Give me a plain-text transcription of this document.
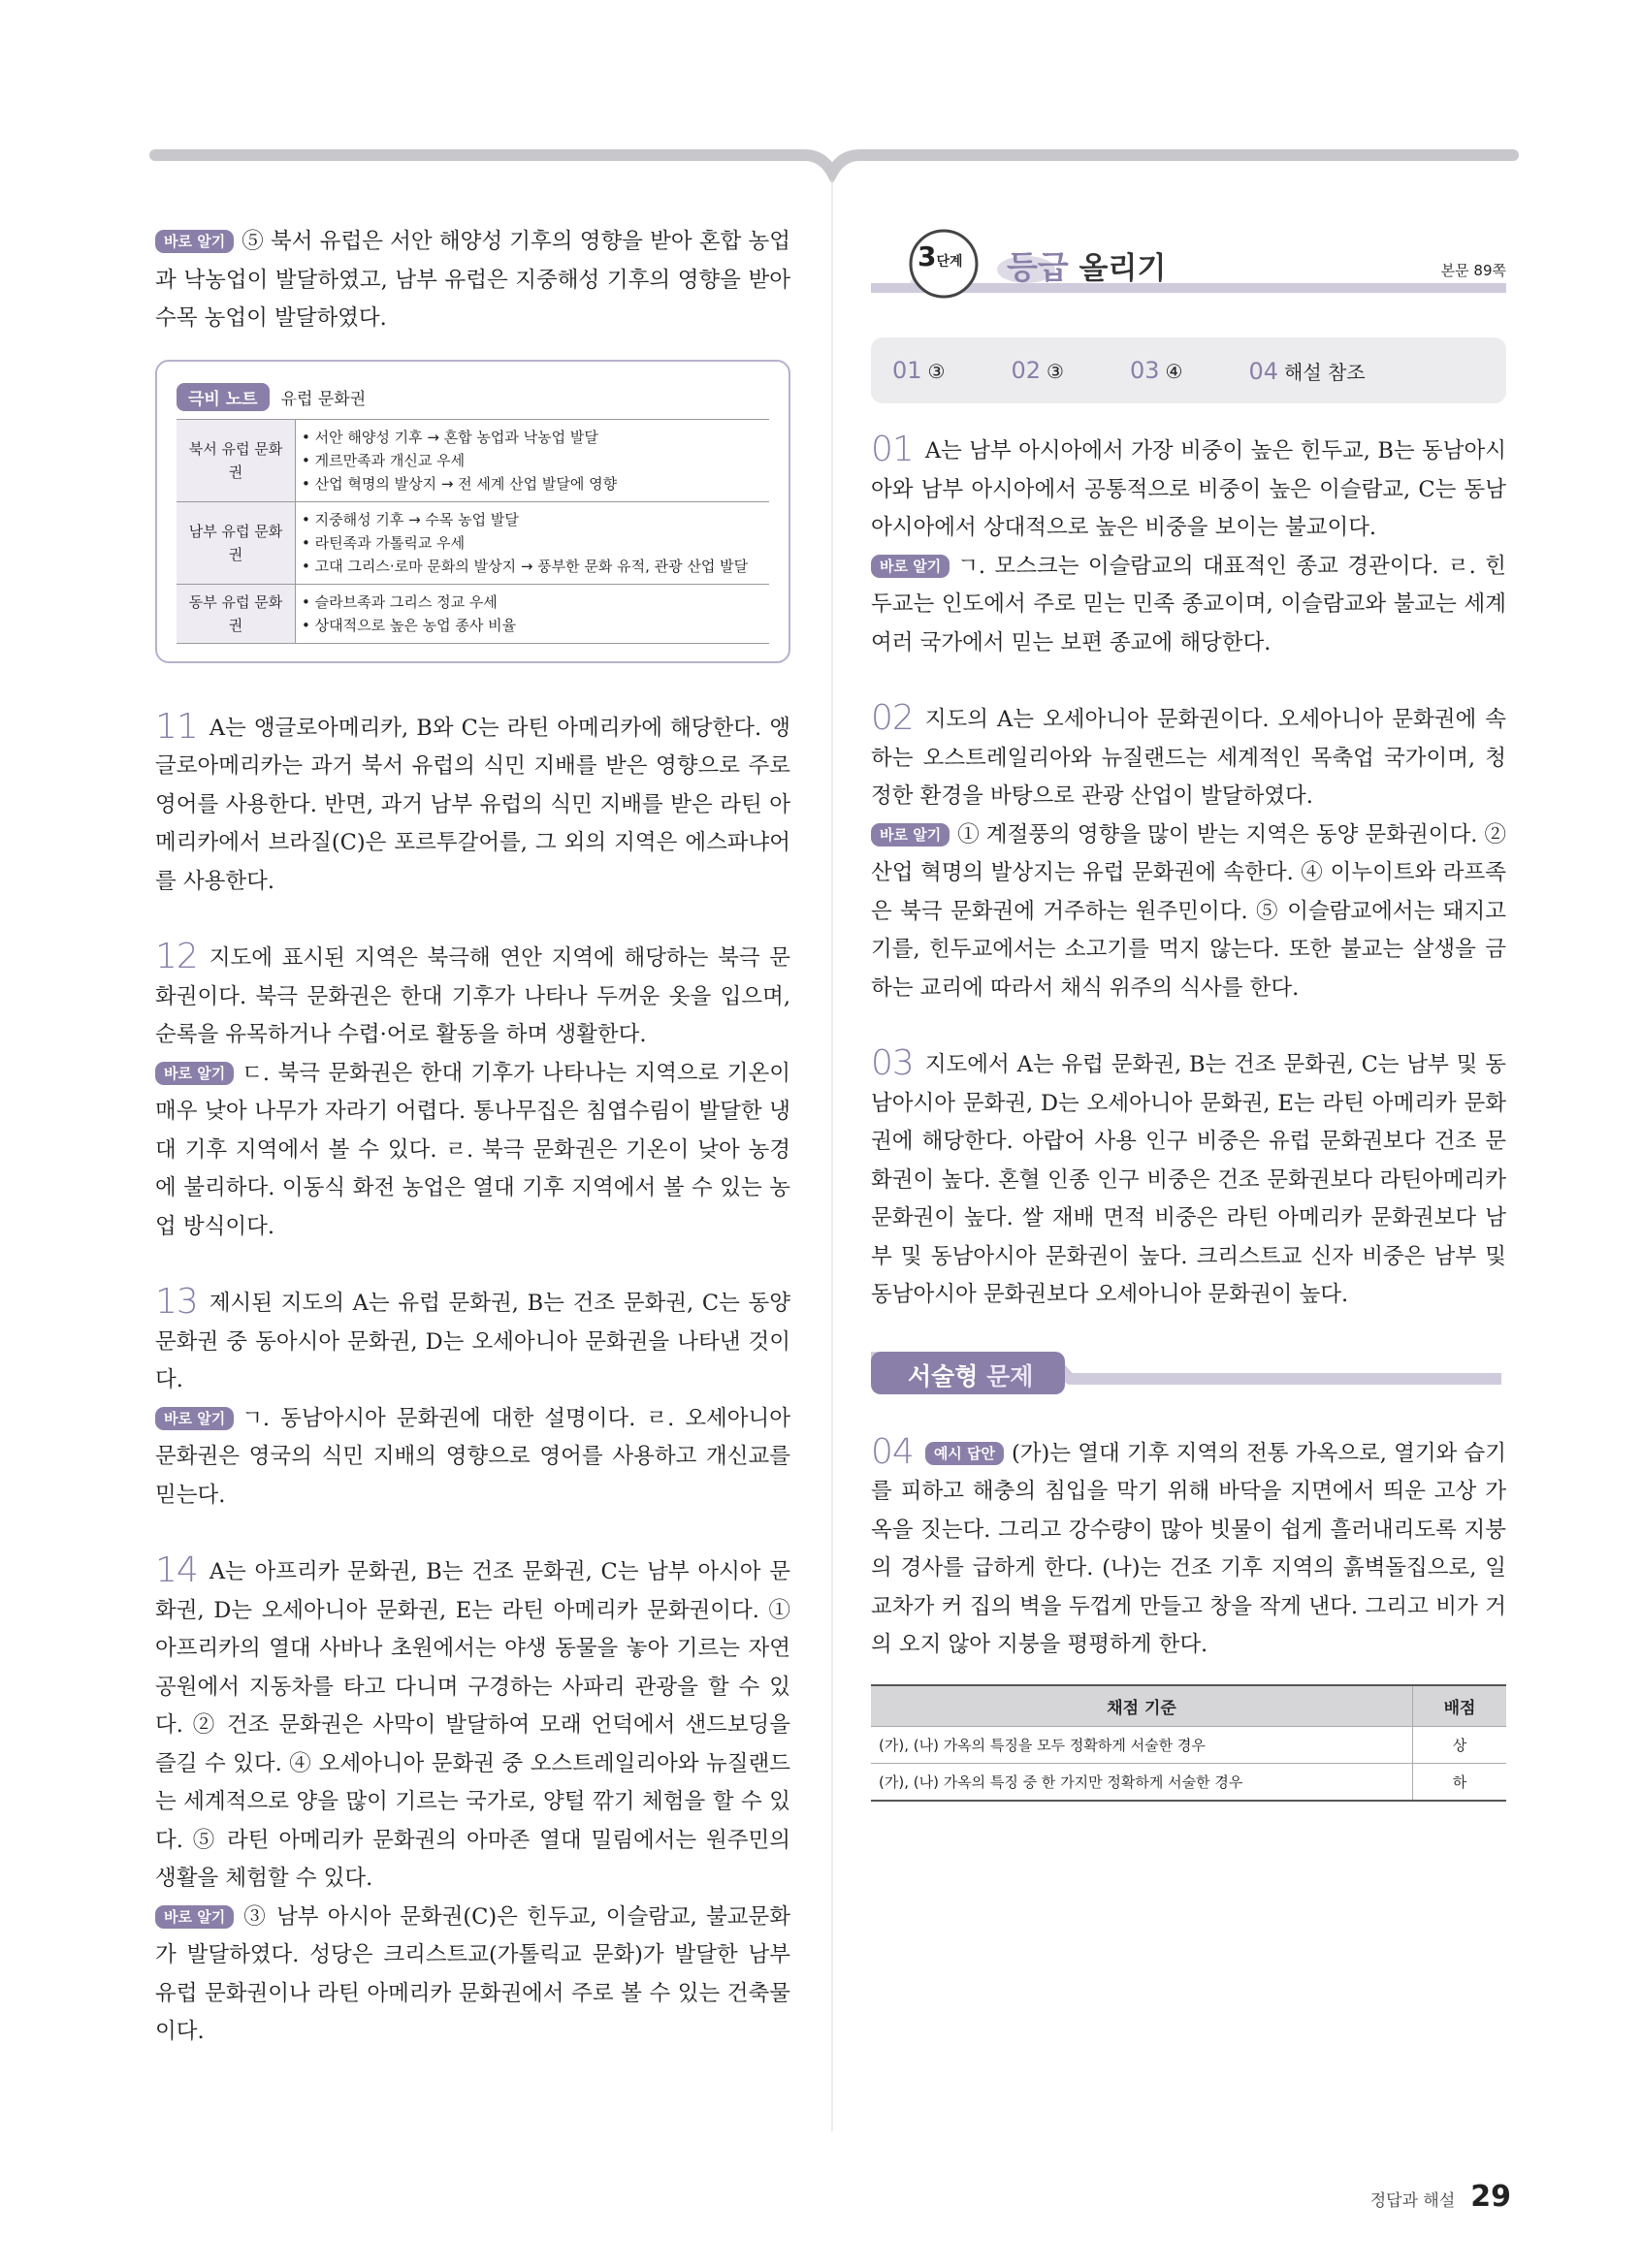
바로 알기 ⑤ 북서 유럽은 서안 해양성 기후의 영향을 받아 혼합 농업과 낙농업이 발달하였고, 남부 유럽은 지중해성 기후의 영향을 받아 수목 농업이 발달하였다.

극비 노트	유럽 문화권
북서 유럽 문화권	• 서안 해양성 기후 → 혼합 농업과 낙농업 발달
• 게르만족과 개신교 우세
• 산업 혁명의 발상지 → 전 세계 산업 발달에 영향

남부 유럽 문화권	• 지중해성 기후 → 수목 농업 발달
• 라틴족과 가톨릭교 우세
• 고대 그리스·로마 문화의 발상지 → 풍부한 문화 유적, 관광 산업 발달

동부 유럽 문화권	• 슬라브족과 그리스 정교 우세
• 상대적으로 높은 농업 종사 비율

11 A는 앵글로아메리카, B와 C는 라틴 아메리카에 해당한다. 앵글로아메리카는 과거 북서 유럽의 식민 지배를 받은 영향으로 주로 영어를 사용한다. 반면, 과거 남부 유럽의 식민 지배를 받은 라틴 아메리카에서 브라질(C)은 포르투갈어를, 그 외의 지역은 에스파냐어를 사용한다.

12 지도에 표시된 지역은 북극해 연안 지역에 해당하는 북극 문화권이다. 북극 문화권은 한대 기후가 나타나 두꺼운 옷을 입으며, 순록을 유목하거나 수렵·어로 활동을 하며 생활한다.

바로 알기 ㄷ. 북극 문화권은 한대 기후가 나타나는 지역으로 기온이 매우 낮아 나무가 자라기 어렵다. 통나무집은 침엽수림이 발달한 냉대 기후 지역에서 볼 수 있다. ㄹ. 북극 문화권은 기온이 낮아 농경에 불리하다. 이동식 화전 농업은 열대 기후 지역에서 볼 수 있는 농업 방식이다.

13 제시된 지도의 A는 유럽 문화권, B는 건조 문화권, C는 동양 문화권 중 동아시아 문화권, D는 오세아니아 문화권을 나타낸 것이다.

바로 알기 ㄱ. 동남아시아 문화권에 대한 설명이다. ㄹ. 오세아니아 문화권은 영국의 식민 지배의 영향으로 영어를 사용하고 개신교를 믿는다.

14 A는 아프리카 문화권, B는 건조 문화권, C는 남부 아시아 문화권, D는 오세아니아 문화권, E는 라틴 아메리카 문화권이다. ① 아프리카의 열대 사바나 초원에서는 야생 동물을 놓아 기르는 자연 공원에서 지동차를 타고 다니며 구경하는 사파리 관광을 할 수 있다. ② 건조 문화권은 사막이 발달하여 모래 언덕에서 샌드보딩을 즐길 수 있다. ④ 오세아니아 문화권 중 오스트레일리아와 뉴질랜드는 세계적으로 양을 많이 기르는 국가로, 양털 깎기 체험을 할 수 있다. ⑤ 라틴 아메리카 문화권의 아마존 열대 밀림에서는 원주민의 생활을 체험할 수 있다.

바로 알기 ③ 남부 아시아 문화권(C)은 힌두교, 이슬람교, 불교문화가 발달하였다. 성당은 크리스트교(가톨릭교 문화)가 발달한 남부 유럽 문화권이나 라틴 아메리카 문화권에서 주로 볼 수 있는 건축물이다.

3단계 등급 올리기	본문 89쪽
01 ③	02 ③	03 ④	04 해설 참조

01 A는 남부 아시아에서 가장 비중이 높은 힌두교, B는 동남아시아와 남부 아시아에서 공통적으로 비중이 높은 이슬람교, C는 동남아시아에서 상대적으로 높은 비중을 보이는 불교이다.

바로 알기 ㄱ. 모스크는 이슬람교의 대표적인 종교 경관이다. ㄹ. 힌두교는 인도에서 주로 믿는 민족 종교이며, 이슬람교와 불교는 세계 여러 국가에서 믿는 보편 종교에 해당한다.

02 지도의 A는 오세아니아 문화권이다. 오세아니아 문화권에 속하는 오스트레일리아와 뉴질랜드는 세계적인 목축업 국가이며, 청정한 환경을 바탕으로 관광 산업이 발달하였다.

바로 알기 ① 계절풍의 영향을 많이 받는 지역은 동양 문화권이다. ② 산업 혁명의 발상지는 유럽 문화권에 속한다. ④ 이누이트와 라프족은 북극 문화권에 거주하는 원주민이다. ⑤ 이슬람교에서는 돼지고기를, 힌두교에서는 소고기를 먹지 않는다. 또한 불교는 살생을 금하는 교리에 따라서 채식 위주의 식사를 한다.

03 지도에서 A는 유럽 문화권, B는 건조 문화권, C는 남부 및 동남아시아 문화권, D는 오세아니아 문화권, E는 라틴 아메리카 문화권에 해당한다. 아랍어 사용 인구 비중은 유럽 문화권보다 건조 문화권이 높다. 혼혈 인종 인구 비중은 건조 문화권보다 라틴아메리카 문화권이 높다. 쌀 재배 면적 비중은 라틴 아메리카 문화권보다 남부 및 동남아시아 문화권이 높다. 크리스트교 신자 비중은 남부 및 동남아시아 문화권보다 오세아니아 문화권이 높다.

서술형 문제

04 예시 답안 (가)는 열대 기후 지역의 전통 가옥으로, 열기와 습기를 피하고 해충의 침입을 막기 위해 바닥을 지면에서 띄운 고상 가옥을 짓는다. 그리고 강수량이 많아 빗물이 쉽게 흘러내리도록 지붕의 경사를 급하게 한다. (나)는 건조 기후 지역의 흙벽돌집으로, 일교차가 커 집의 벽을 두껍게 만들고 창을 작게 낸다. 그리고 비가 거의 오지 않아 지붕을 평평하게 한다.

채점 기준	배점
(가), (나) 가옥의 특징을 모두 정확하게 서술한 경우	상
(가), (나) 가옥의 특징 중 한 가지만 정확하게 서술한 경우	하
정답과 해설 29
